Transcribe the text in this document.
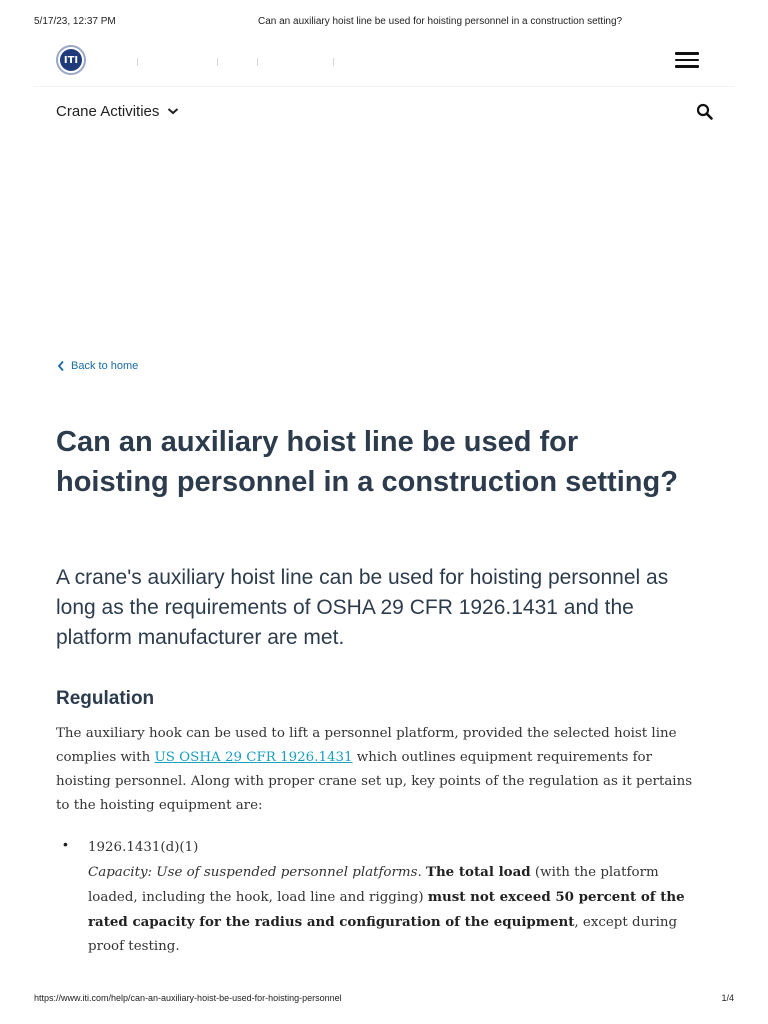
5/17/23, 12:37 PM	Can an auxiliary hoist line be used for hoisting personnel in a construction setting?
ITI
Crane Activities
Back to home
Can an auxiliary hoist line be used for hoisting personnel in a construction setting?

A crane's auxiliary hoist line can be used for hoisting personnel as long as the requirements of OSHA 29 CFR 1926.1431 and the platform manufacturer are met.

Regulation

The auxiliary hook can be used to lift a personnel platform, provided the selected hoist line complies with US OSHA 29 CFR 1926.1431 which outlines equipment requirements for hoisting personnel. Along with proper crane set up, key points of the regulation as it pertains to the hoisting equipment are:

• 1926.1431(d)(1)
Capacity: Use of suspended personnel platforms. The total load (with the platform loaded, including the hook, load line and rigging) must not exceed 50 percent of the rated capacity for the radius and configuration of the equipment, except during proof testing.
https://www.iti.com/help/can-an-auxiliary-hoist-be-used-for-hoisting-personnel	1/4
